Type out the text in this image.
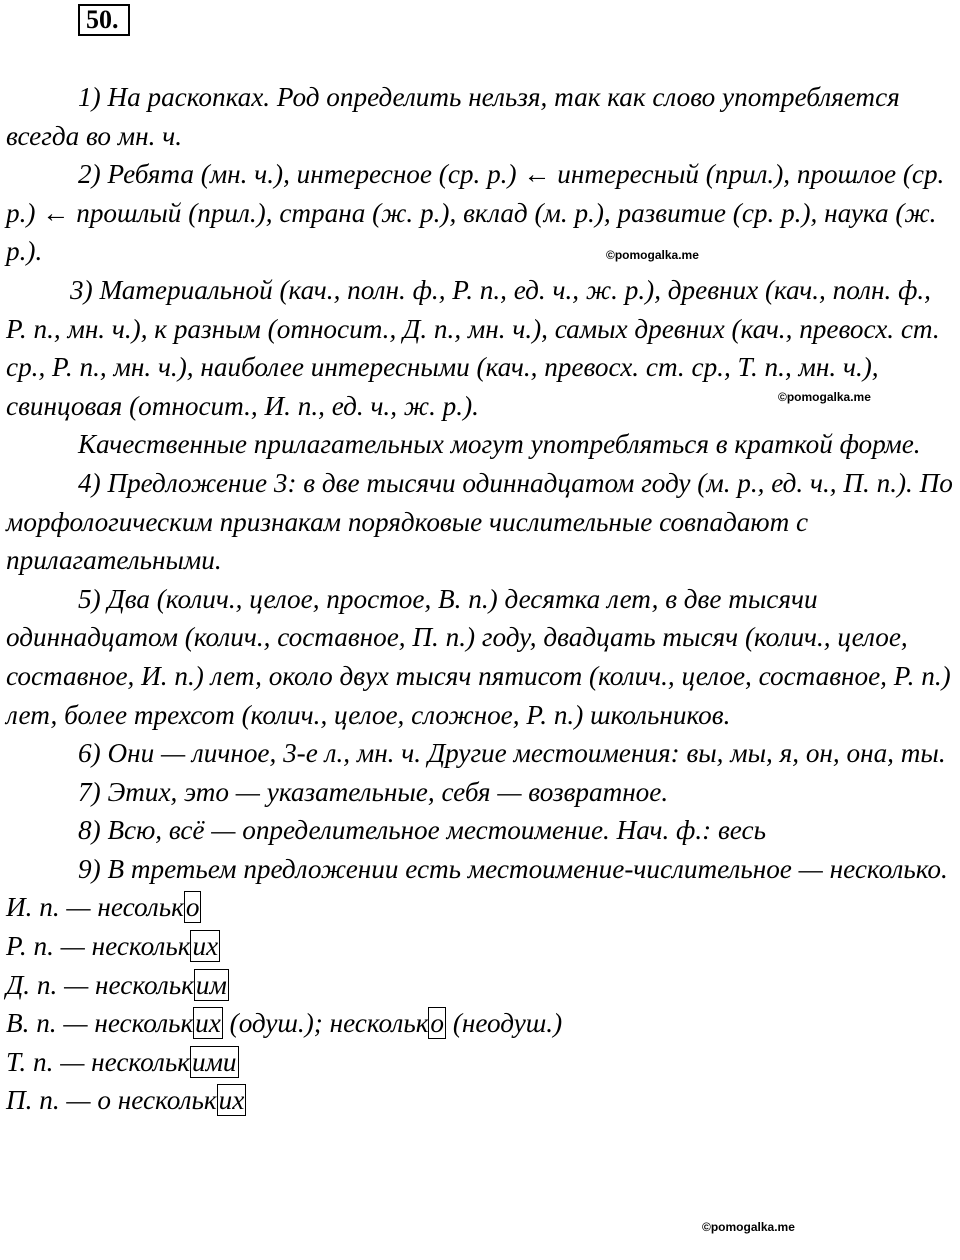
50.

1) На раскопках. Род определить нельзя, так как слово употребляется всегда во мн. ч.

2) Ребята (мн. ч.), интересное (ср. р.) ← интересный (прил.), прошлое (ср. р.) ← прошлый (прил.), страна (ж. р.), вклад (м. р.), развитие (ср. р.), наука (ж. р.).

3) Материальной (кач., полн. ф., Р. п., ед. ч., ж. р.), древних (кач., полн. ф., Р. п., мн. ч.), к разным (относит., Д. п., мн. ч.), самых древних (кач., превосх. ст. ср., Р. п., мн. ч.), наиболее интересными (кач., превосх. ст. ср., Т. п., мн. ч.), свинцовая (относит., И. п., ед. ч., ж. р.).

Качественные прилагательных могут употребляться в краткой форме.

4) Предложение 3: в две тысячи одиннадцатом году (м. р., ед. ч., П. п.). По морфологическим признакам порядковые числительные совпадают с прилагательными.

5) Два (колич., целое, простое, В. п.) десятка лет, в две тысячи одиннадцатом (колич., составное, П. п.) году, двадцать тысяч (колич., целое, составное, И. п.) лет, около двух тысяч пятисот (колич., целое, составное, Р. п.) лет, более трехсот (колич., целое, сложное, Р. п.) школьников.

6) Они — личное, 3-е л., мн. ч. Другие местоимения: вы, мы, я, он, она, ты.

7) Этих, это — указательные, себя — возвратное.

8) Всю, всё — определительное местоимение. Нач. ф.: весь

9) В третьем предложении есть местоимение-числительное — несколько.

И. п. — несолько

Р. п. — нескольких

Д. п. — нескольким

В. п. — нескольких (одуш.); несколько (неодуш.)

Т. п. — несколькими

П. п. — о нескольких

©pomogalka.me
©pomogalka.me
©pomogalka.me
